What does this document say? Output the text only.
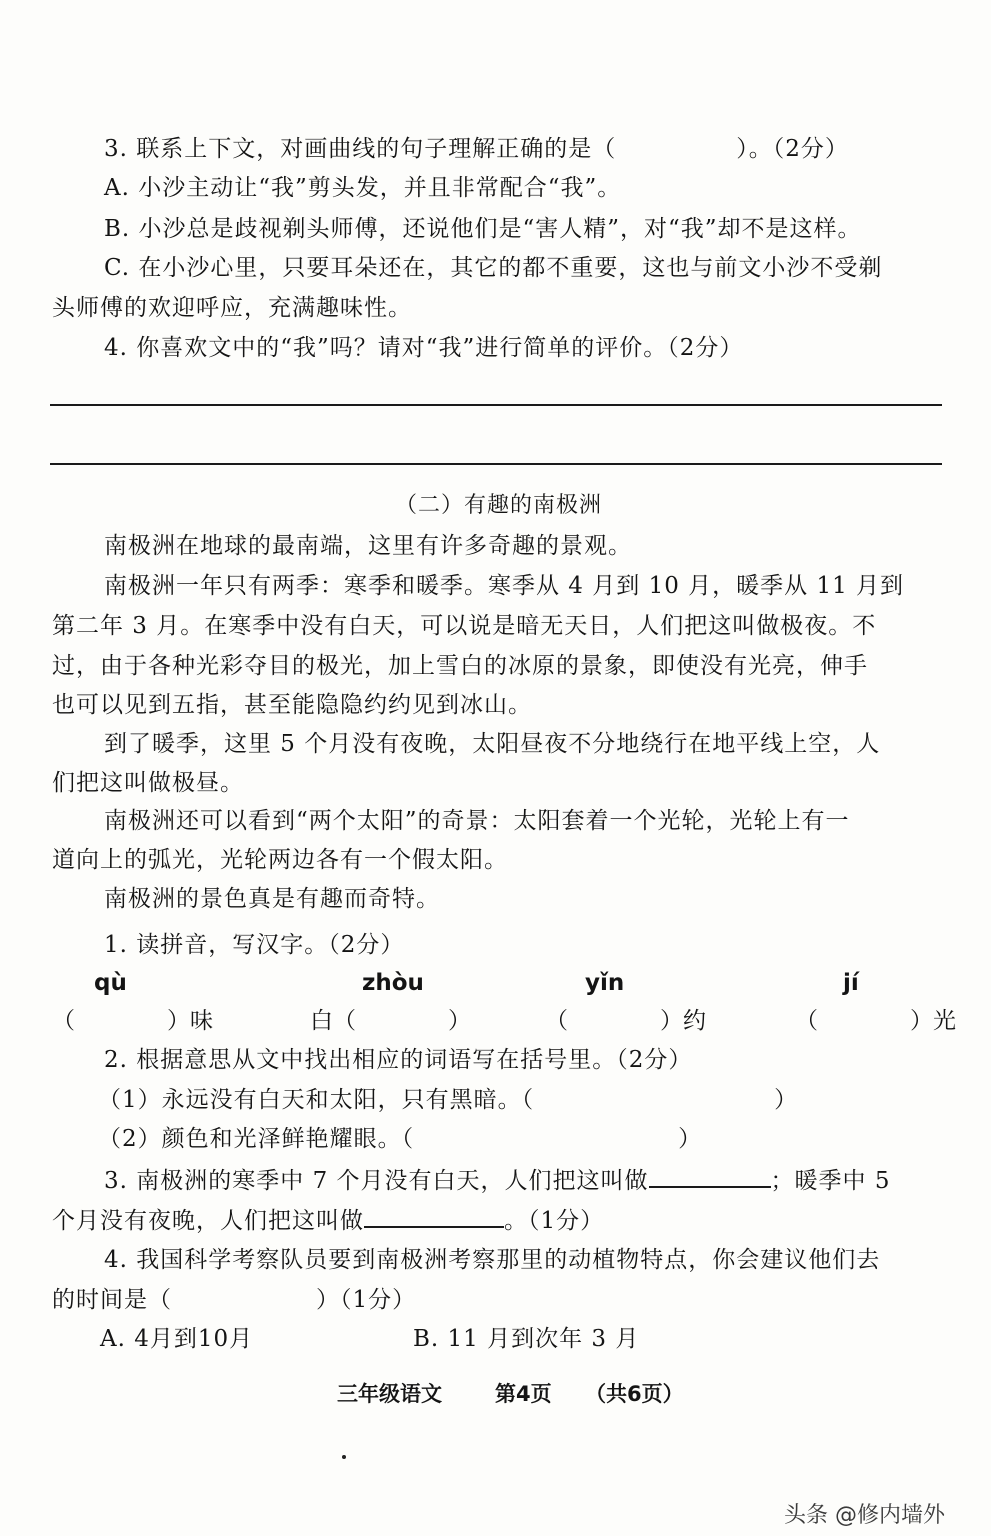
3. 联系上下文，对画曲线的句子理解正确的是（　　　　　）。（2分）
A. 小沙主动让“我”剪头发，并且非常配合“我”。
B. 小沙总是歧视剃头师傅，还说他们是“害人精”，对“我”却不是这样。
C. 在小沙心里，只要耳朵还在，其它的都不重要，这也与前文小沙不受剃
头师傅的欢迎呼应，充满趣味性。
4. 你喜欢文中的“我”吗？请对“我”进行简单的评价。（2分）
（二）有趣的南极洲
南极洲在地球的最南端，这里有许多奇趣的景观。
南极洲一年只有两季：寒季和暖季。寒季从 4 月到 10 月，暖季从 11 月到
第二年 3 月。在寒季中没有白天，可以说是暗无天日，人们把这叫做极夜。不
过，由于各种光彩夺目的极光，加上雪白的冰原的景象，即使没有光亮，伸手
也可以见到五指，甚至能隐隐约约见到冰山。
到了暖季，这里 5 个月没有夜晚，太阳昼夜不分地绕行在地平线上空，人
们把这叫做极昼。
南极洲还可以看到“两个太阳”的奇景：太阳套着一个光轮，光轮上有一
道向上的弧光，光轮两边各有一个假太阳。
南极洲的景色真是有趣而奇特。
1. 读拼音，写汉字。（2分）
qù	zhòu	yǐn	jí
（　　　　）味	白（　　　　）	（　　　　）约	（　　　　）光
2. 根据意思从文中找出相应的词语写在括号里。（2分）
（1）永远没有白天和太阳，只有黑暗。（　　　　　　　　　　）
（2）颜色和光泽鲜艳耀眼。（　　　　　　　　　　　）
3. 南极洲的寒季中 7 个月没有白天，人们把这叫做	；暖季中 5
个月没有夜晚，人们把这叫做	。（1分）
4. 我国科学考察队员要到南极洲考察那里的动植物特点，你会建议他们去
的时间是（　　　　　　）（1分）
A. 4月到10月	B. 11 月到次年 3 月
三年级语文	第4页 （共6页）
头条 @修内墙外
